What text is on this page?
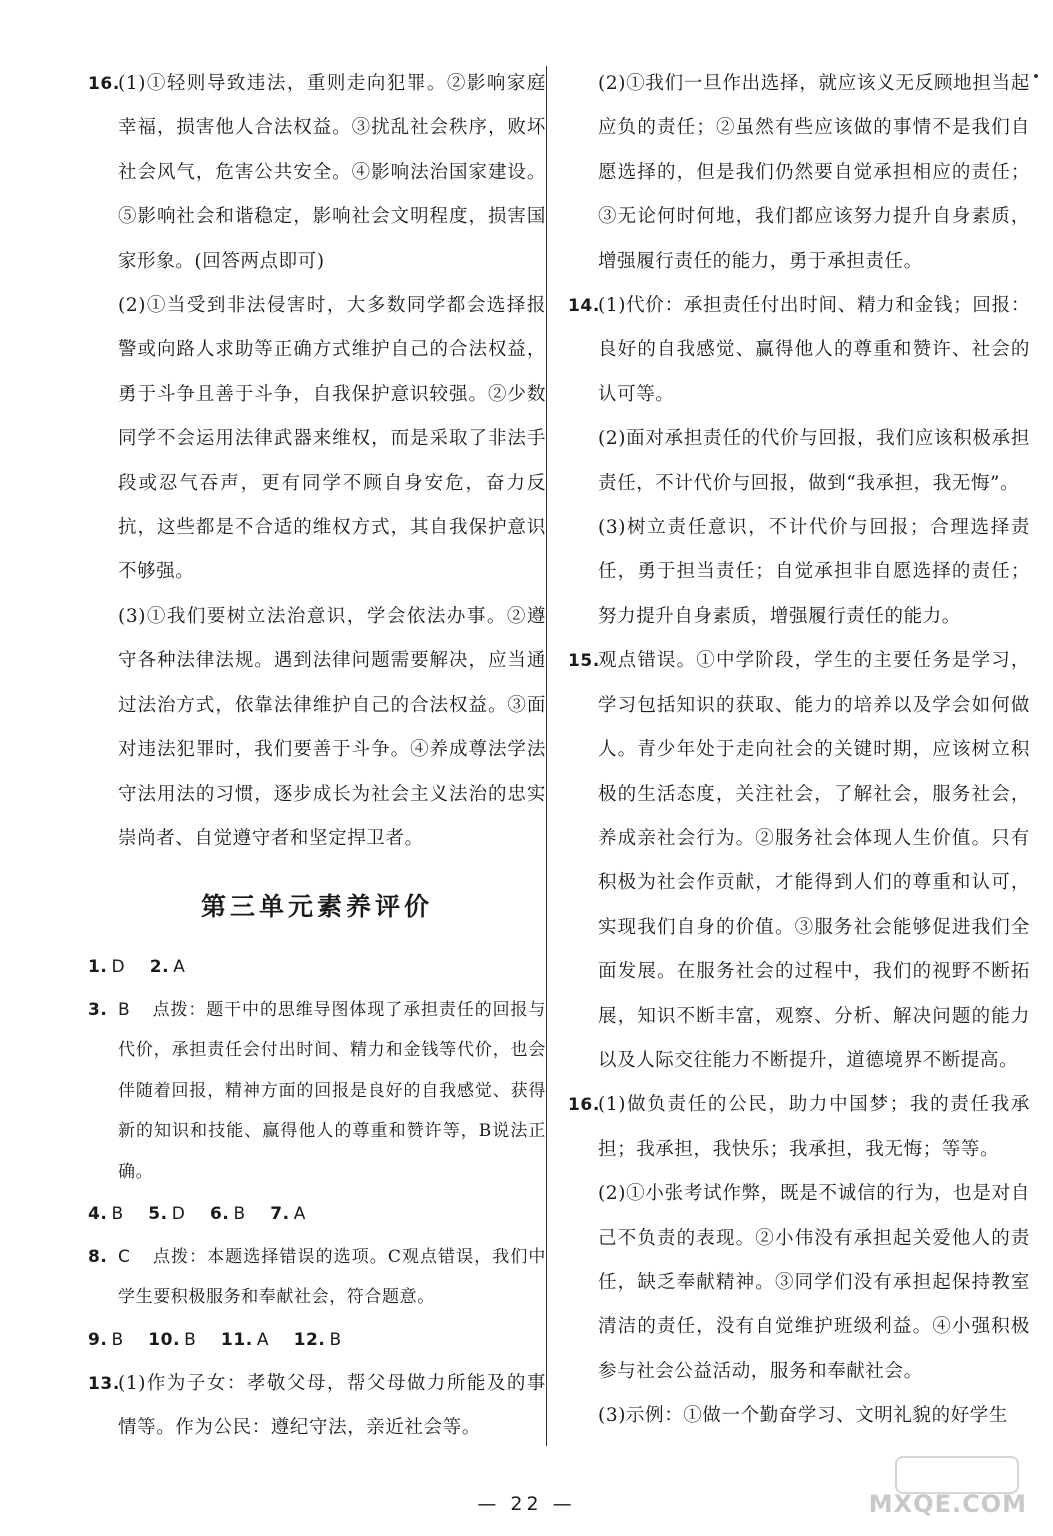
16.
(1)①轻则导致违法，重则走向犯罪。②影响家庭幸福，损害他人合法权益。③扰乱社会秩序，败坏社会风气，危害公共安全。④影响法治国家建设。⑤影响社会和谐稳定，影响社会文明程度，损害国家形象。(回答两点即可)
(2)①当受到非法侵害时，大多数同学都会选择报警或向路人求助等正确方式维护自己的合法权益，勇于斗争且善于斗争，自我保护意识较强。②少数同学不会运用法律武器来维权，而是采取了非法手段或忍气吞声，更有同学不顾自身安危，奋力反抗，这些都是不合适的维权方式，其自我保护意识不够强。
(3)①我们要树立法治意识，学会依法办事。②遵守各种法律法规。遇到法律问题需要解决，应当通过法治方式，依靠法律维护自己的合法权益。③面对违法犯罪时，我们要善于斗争。④养成尊法学法守法用法的习惯，逐步成长为社会主义法治的忠实崇尚者、自觉遵守者和坚定捍卫者。
第三单元素养评价
1. D 2. A
3. B 点拨：题干中的思维导图体现了承担责任的回报与代价，承担责任会付出时间、精力和金钱等代价，也会伴随着回报，精神方面的回报是良好的自我感觉、获得新的知识和技能、赢得他人的尊重和赞许等，B说法正确。
4. B 5. D 6. B 7. A
8. C 点拨：本题选择错误的选项。C观点错误，我们中学生要积极服务和奉献社会，符合题意。
9. B 10. B 11. A 12. B
13.
(1)作为子女：孝敬父母，帮父母做力所能及的事情等。作为公民：遵纪守法，亲近社会等。
(2)①我们一旦作出选择，就应该义无反顾地担当起应负的责任；②虽然有些应该做的事情不是我们自愿选择的，但是我们仍然要自觉承担相应的责任；③无论何时何地，我们都应该努力提升自身素质，增强履行责任的能力，勇于承担责任。
14.
(1)代价：承担责任付出时间、精力和金钱；回报：良好的自我感觉、赢得他人的尊重和赞许、社会的认可等。
(2)面对承担责任的代价与回报，我们应该积极承担责任，不计代价与回报，做到“我承担，我无悔”。
(3)树立责任意识，不计代价与回报；合理选择责任，勇于担当责任；自觉承担非自愿选择的责任；努力提升自身素质，增强履行责任的能力。
15.
观点错误。①中学阶段，学生的主要任务是学习，学习包括知识的获取、能力的培养以及学会如何做人。青少年处于走向社会的关键时期，应该树立积极的生活态度，关注社会，了解社会，服务社会，养成亲社会行为。②服务社会体现人生价值。只有积极为社会作贡献，才能得到人们的尊重和认可，实现我们自身的价值。③服务社会能够促进我们全面发展。在服务社会的过程中，我们的视野不断拓展，知识不断丰富，观察、分析、解决问题的能力以及人际交往能力不断提升，道德境界不断提高。
16.
(1)做负责任的公民，助力中国梦；我的责任我承担；我承担，我快乐；我承担，我无悔；等等。
(2)①小张考试作弊，既是不诚信的行为，也是对自己不负责的表现。②小伟没有承担起关爱他人的责任，缺乏奉献精神。③同学们没有承担起保持教室清洁的责任，没有自觉维护班级利益。④小强积极参与社会公益活动，服务和奉献社会。
(3)示例：①做一个勤奋学习、文明礼貌的好学生
— 22 —	MXQE.COM
